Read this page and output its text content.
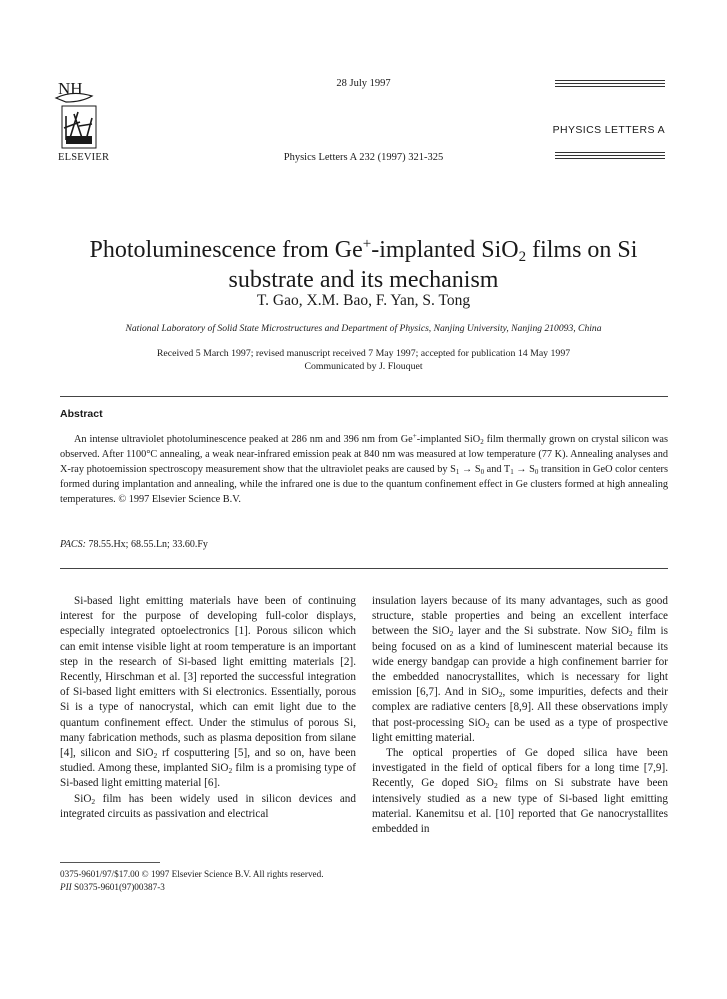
NH
ELSEVIER
28 July 1997
Physics Letters A 232 (1997) 321-325
PHYSICS LETTERS A
Photoluminescence from Ge+-implanted SiO$_2$ films on Si
substrate and its mechanism
T. Gao, X.M. Bao, F. Yan, S. Tong
National Laboratory of Solid State Microstructures and Department of Physics, Nanjing University, Nanjing 210093, China
Received 5 March 1997; revised manuscript received 7 May 1997; accepted for publication 14 May 1997
Communicated by J. Flouquet
Abstract
An intense ultraviolet photoluminescence peaked at 286 nm and 396 nm from Ge+-implanted SiO$_2$ film thermally grown on crystal silicon was observed. After 1100°C annealing, a weak near-infrared emission peak at 840 nm was measured at low temperature (77 K). Annealing analyses and X-ray photoemission spectroscopy measurement show that the ultraviolet peaks are caused by $S_1 \to S_0$ and $T_1 \to S_0$ transition in GeO color centers formed during implantation and annealing, while the infrared one is due to the quantum confinement effect in Ge clusters formed at high annealing temperatures. © 1997 Elsevier Science B.V.
PACS: 78.55.Hx; 68.55.Ln; 33.60.Fy

Si-based light emitting materials have been of continuing interest for the purpose of developing full-color displays, especially integrated optoelectronics [1]. Porous silicon which can emit intense visible light at room temperature is an important step in the research of Si-based light emitting materials [2]. Recently, Hirschman et al. [3] reported the successful integration of Si-based light emitters with Si electronics. Essentially, porous Si is a type of nanocrystal, which can emit light due to the quantum confinement effect. Under the stimulus of porous Si, many fabrication methods, such as plasma deposition from silane [4], silicon and SiO$_2$ rf cosputtering [5], and so on, have been studied. Among these, implanted SiO$_2$ film is a promising type of Si-based light emitting material [6].

SiO$_2$ film has been widely used in silicon devices and integrated circuits as passivation and electrical

insulation layers because of its many advantages, such as good structure, stable properties and being an excellent interface between the SiO$_2$ layer and the Si substrate. Now SiO$_2$ film is being focused on as a kind of luminescent material because its wide energy bandgap can provide a high confinement barrier for the embedded nanocrystallites, which is necessary for light emission [6,7]. And in SiO$_2$, some impurities, defects and their complex are radiative centers [8,9]. All these observations imply that post-processing SiO$_2$ can be used as a type of prospective light emitting material.

The optical properties of Ge doped silica have been investigated in the field of optical fibers for a long time [7,9]. Recently, Ge doped SiO$_2$ films on Si substrate have been intensively studied as a new type of Si-based light emitting material. Kanemitsu et al. [10] reported that Ge nanocrystallites embedded in

0375-9601/97/$17.00 © 1997 Elsevier Science B.V. All rights reserved.
PII S0375-9601(97)00387-3
